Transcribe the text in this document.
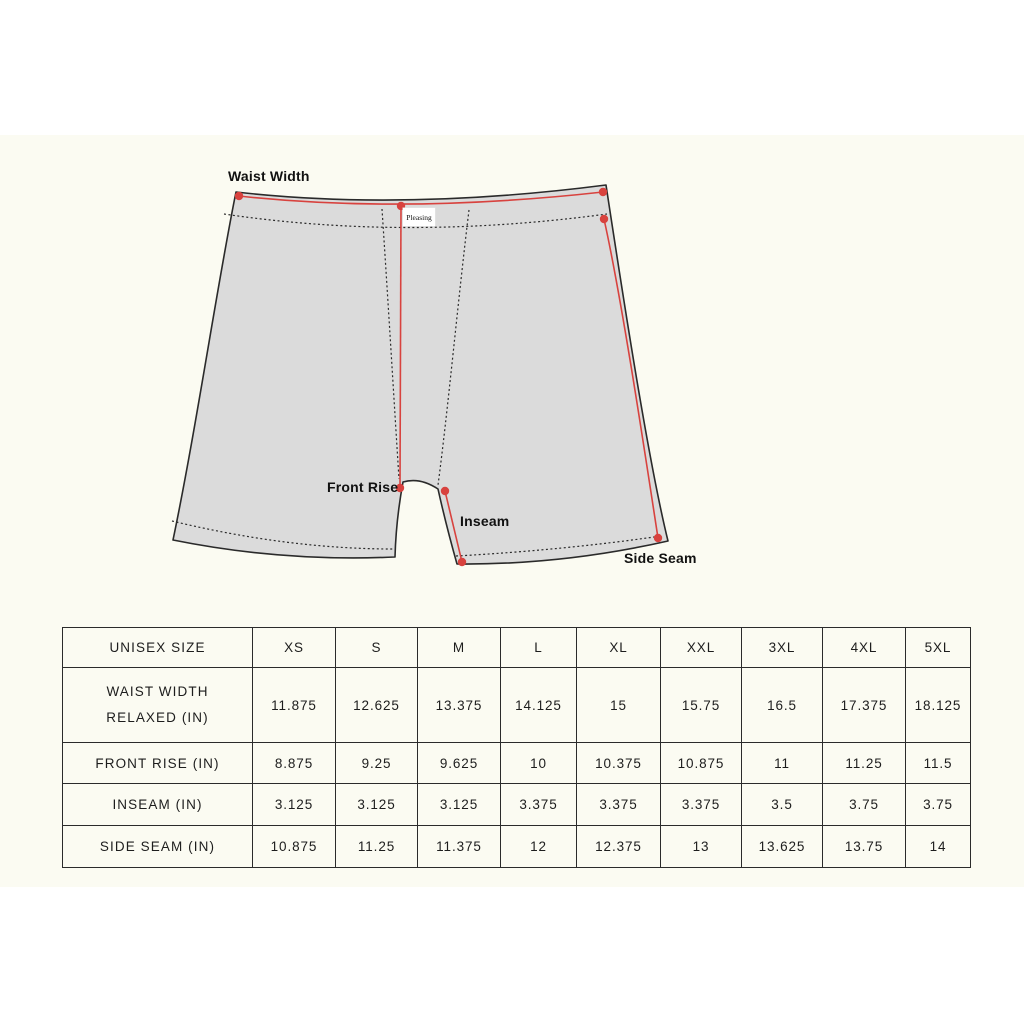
Pleasing
Waist Width
Front Rise
Inseam
Side Seam
UNISEX SIZE	XS	S	M	L	XL	XXL	3XL	4XL	5XL
WAIST WIDTH RELAXED (IN)	11.875	12.625	13.375	14.125	15	15.75	16.5	17.375	18.125
FRONT RISE (IN)	8.875	9.25	9.625	10	10.375	10.875	11	11.25	11.5
INSEAM (IN)	3.125	3.125	3.125	3.375	3.375	3.375	3.5	3.75	3.75
SIDE SEAM (IN)	10.875	11.25	11.375	12	12.375	13	13.625	13.75	14
